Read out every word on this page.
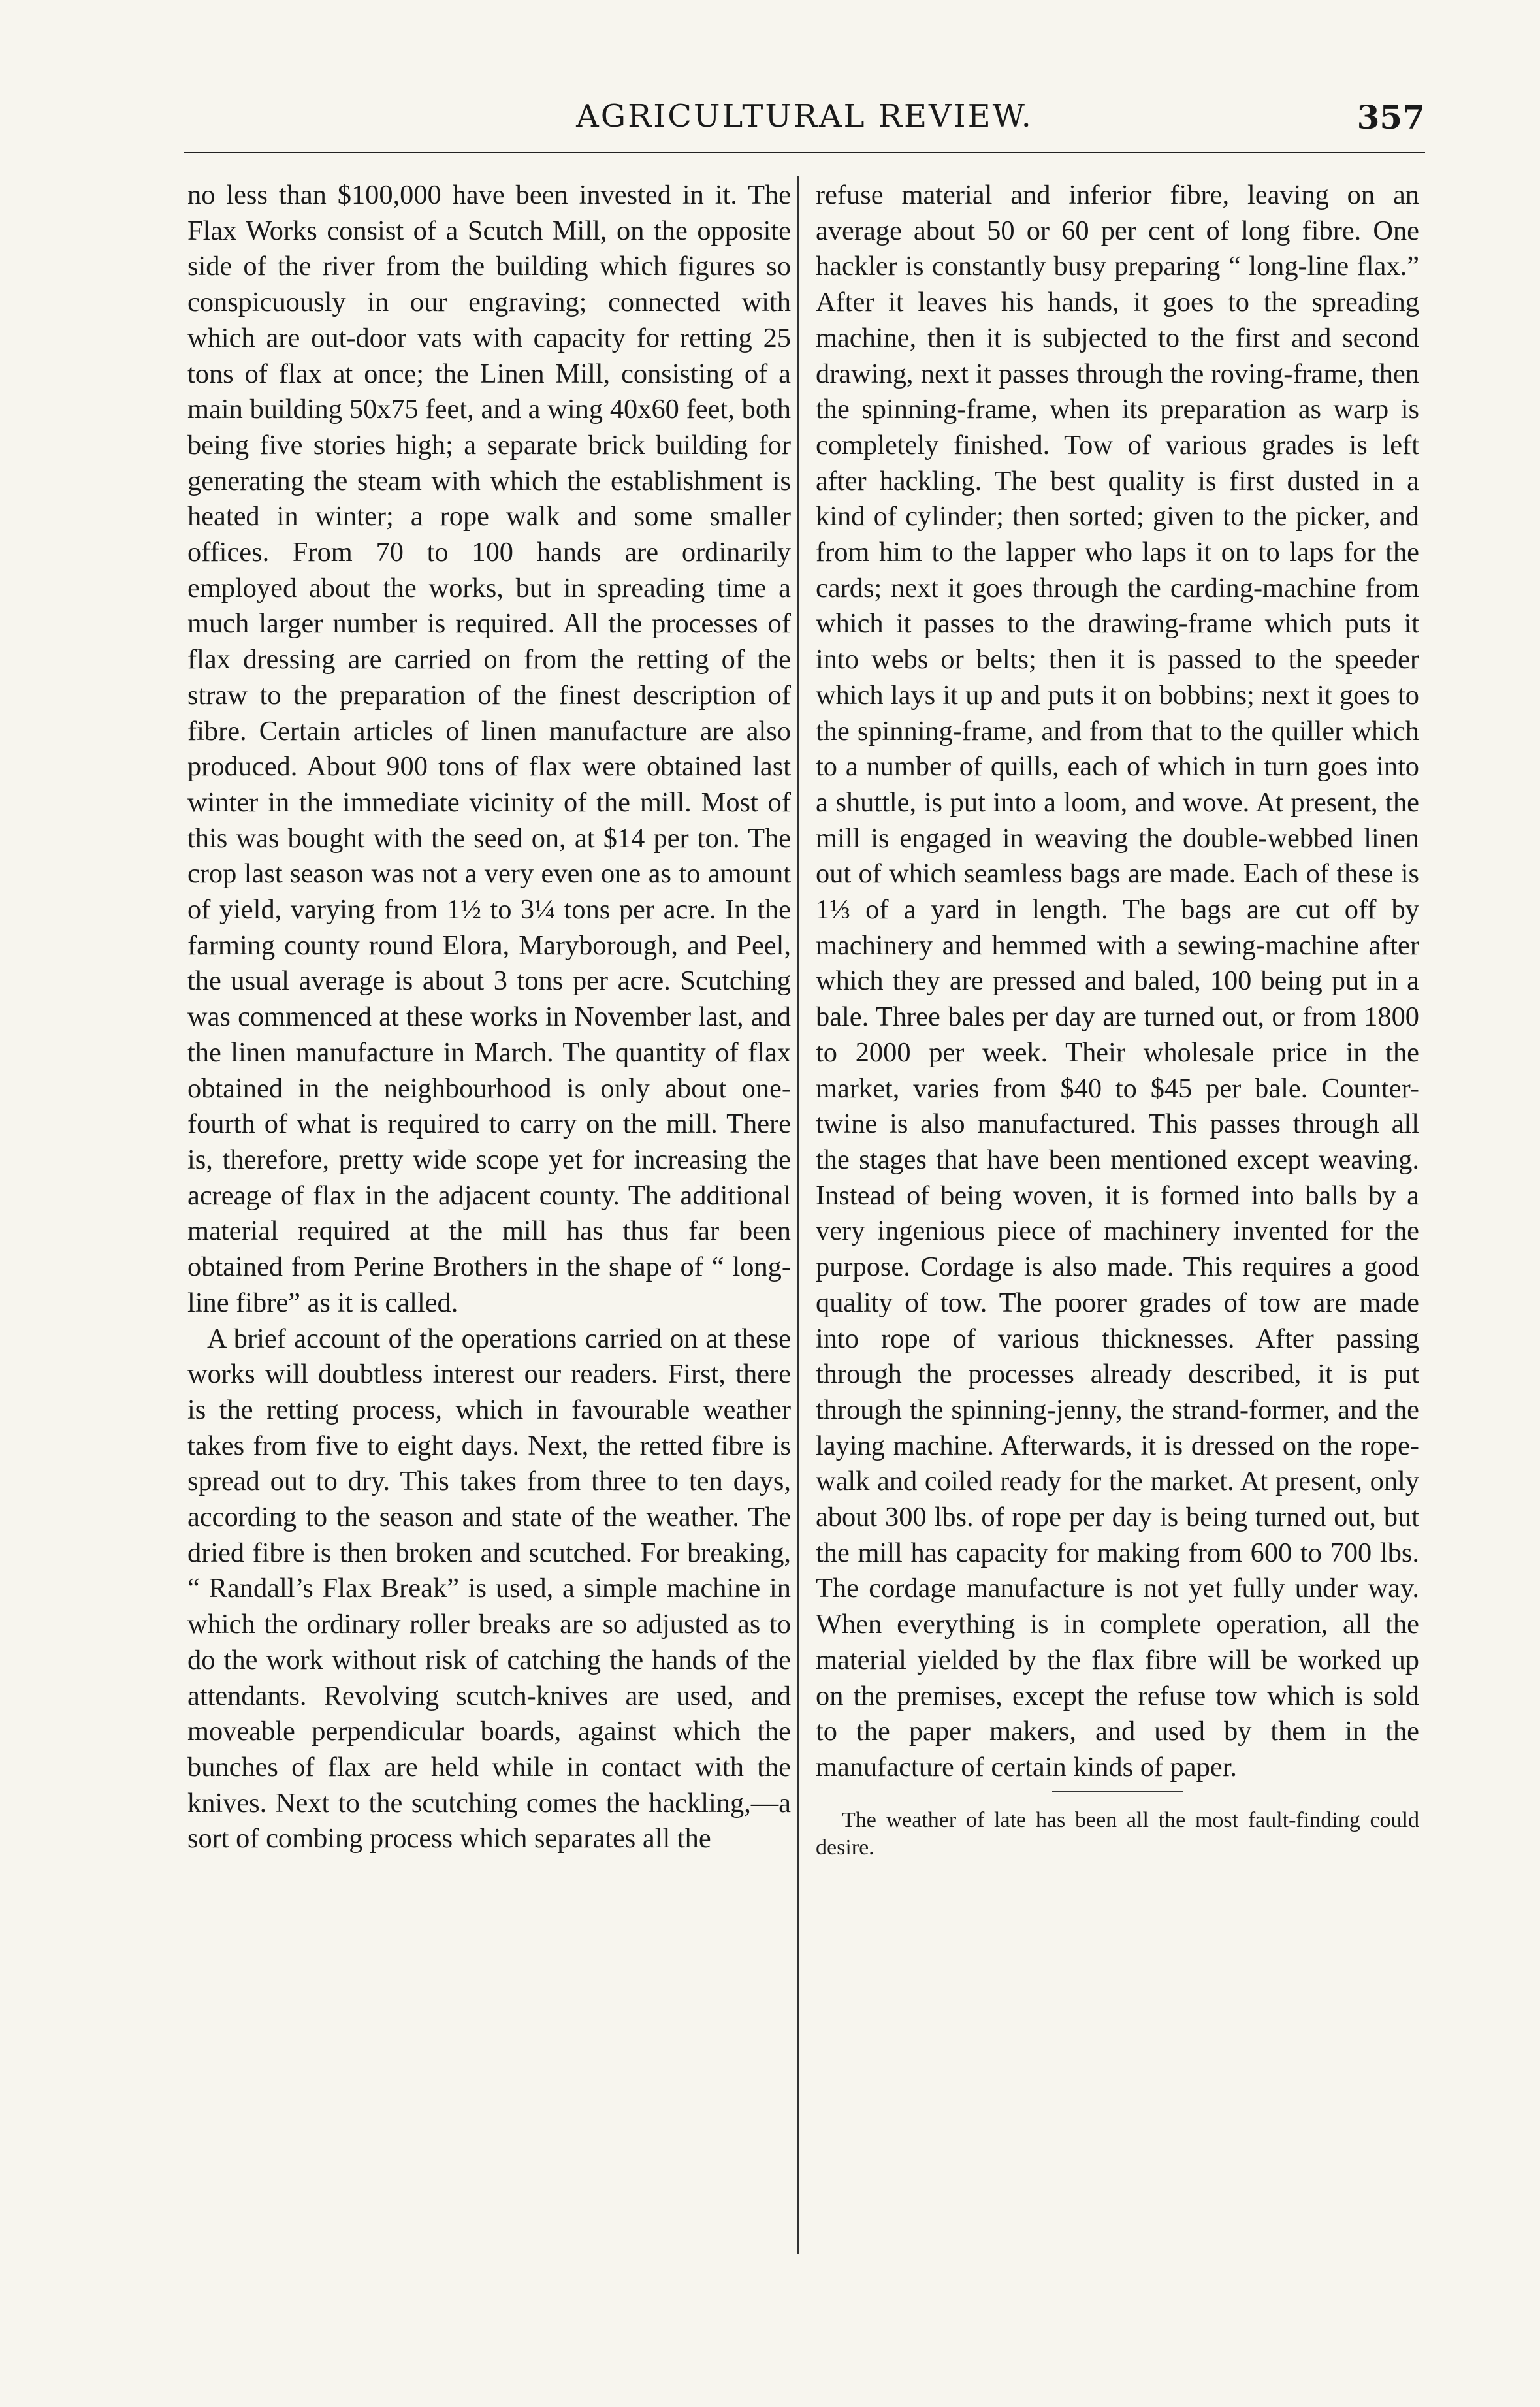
AGRICULTURAL REVIEW.	357

no less than $100,000 have been invested in it. The Flax Works consist of a Scutch Mill, on the opposite side of the river from the building which figures so conspicuously in our engraving; connected with which are out-door vats with capacity for retting 25 tons of flax at once; the Linen Mill, consisting of a main building 50x75 feet, and a wing 40x60 feet, both being five stories high; a separate brick building for generating the steam with which the establishment is heated in winter; a rope walk and some smaller offices. From 70 to 100 hands are ordinarily employed about the works, but in spreading time a much larger number is required. All the processes of flax dressing are carried on from the retting of the straw to the preparation of the finest description of fibre. Certain articles of linen manufacture are also produced. About 900 tons of flax were obtained last winter in the immediate vicinity of the mill. Most of this was bought with the seed on, at $14 per ton. The crop last season was not a very even one as to amount of yield, varying from 1½ to 3¼ tons per acre. In the farming county round Elora, Maryborough, and Peel, the usual average is about 3 tons per acre. Scutching was commenced at these works in November last, and the linen manufacture in March. The quantity of flax obtained in the neighbourhood is only about one-fourth of what is required to carry on the mill. There is, therefore, pretty wide scope yet for increasing the acreage of flax in the adjacent county. The additional material required at the mill has thus far been obtained from Perine Brothers in the shape of “ long-line fibre” as it is called.

A brief account of the operations carried on at these works will doubtless interest our readers. First, there is the retting process, which in favourable weather takes from five to eight days. Next, the retted fibre is spread out to dry. This takes from three to ten days, according to the season and state of the weather. The dried fibre is then broken and scutched. For breaking, “ Randall’s Flax Break” is used, a simple machine in which the ordinary roller breaks are so adjusted as to do the work without risk of catching the hands of the attendants. Revolving scutch-knives are used, and moveable perpendicular boards, against which the bunches of flax are held while in contact with the knives. Next to the scutching comes the hackling,—a sort of combing process which separates all the

refuse material and inferior fibre, leaving on an average about 50 or 60 per cent of long fibre. One hackler is constantly busy preparing “ long-line flax.” After it leaves his hands, it goes to the spreading machine, then it is subjected to the first and second drawing, next it passes through the roving-frame, then the spinning-frame, when its preparation as warp is completely finished. Tow of various grades is left after hackling. The best quality is first dusted in a kind of cylinder; then sorted; given to the picker, and from him to the lapper who laps it on to laps for the cards; next it goes through the carding-machine from which it passes to the drawing-frame which puts it into webs or belts; then it is passed to the speeder which lays it up and puts it on bobbins; next it goes to the spinning-frame, and from that to the quiller which to a number of quills, each of which in turn goes into a shuttle, is put into a loom, and wove. At present, the mill is engaged in weaving the double-webbed linen out of which seamless bags are made. Each of these is 1⅓ of a yard in length. The bags are cut off by machinery and hemmed with a sewing-machine after which they are pressed and baled, 100 being put in a bale. Three bales per day are turned out, or from 1800 to 2000 per week. Their wholesale price in the market, varies from $40 to $45 per bale. Counter-twine is also manufactured. This passes through all the stages that have been mentioned except weaving. Instead of being woven, it is formed into balls by a very ingenious piece of machinery invented for the purpose. Cordage is also made. This requires a good quality of tow. The poorer grades of tow are made into rope of various thicknesses. After passing through the processes already described, it is put through the spinning-jenny, the strand-former, and the laying machine. Afterwards, it is dressed on the rope-walk and coiled ready for the market. At present, only about 300 lbs. of rope per day is being turned out, but the mill has capacity for making from 600 to 700 lbs. The cordage manufacture is not yet fully under way. When everything is in complete operation, all the material yielded by the flax fibre will be worked up on the premises, except the refuse tow which is sold to the paper makers, and used by them in the manufacture of certain kinds of paper.

The weather of late has been all the most fault-finding could desire.
